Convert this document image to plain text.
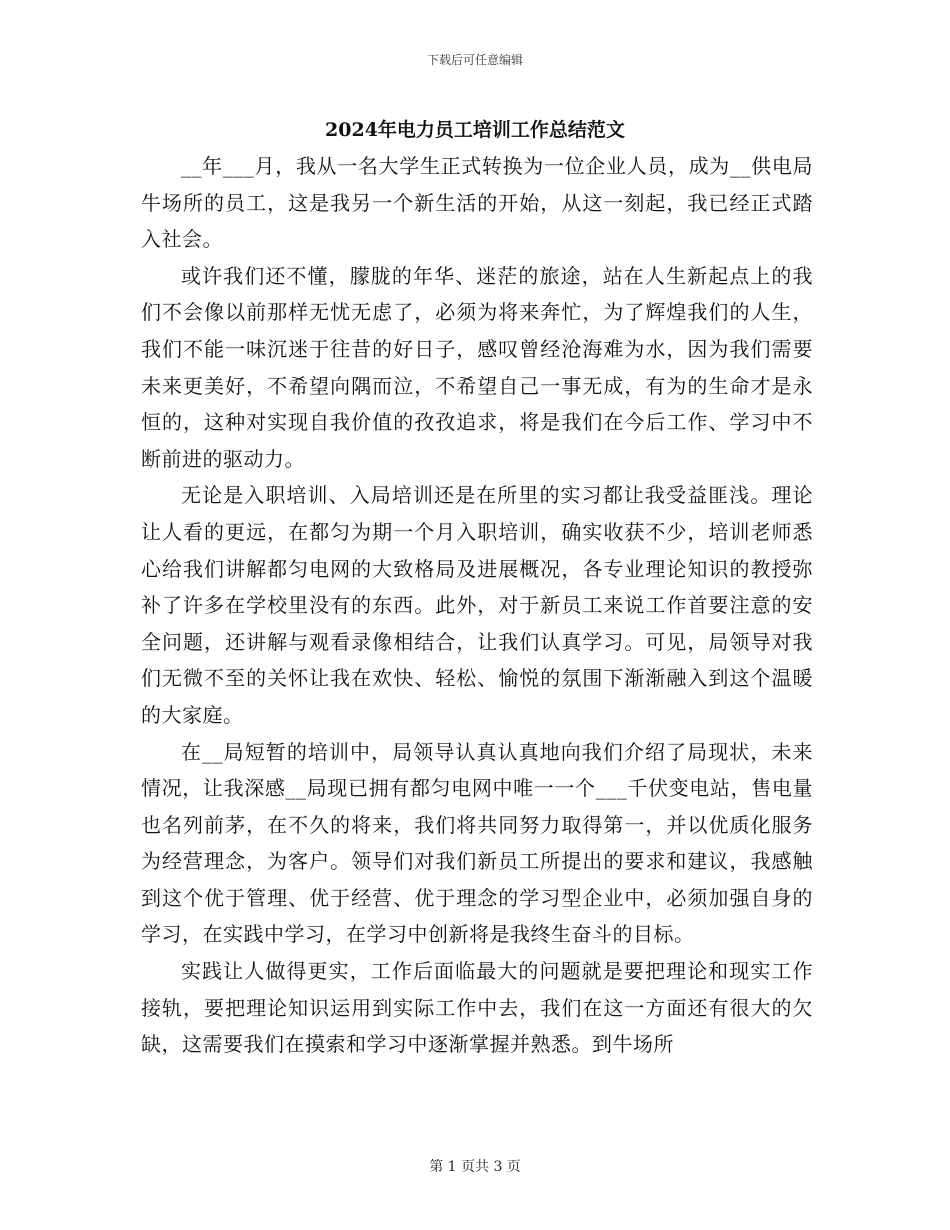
下载后可任意编辑
2024年电力员工培训工作总结范文

__年___月，我从一名大学生正式转换为一位企业人员，成为__供电局牛场所的员工，这是我另一个新生活的开始，从这一刻起，我已经正式踏入社会。

或许我们还不懂，朦胧的年华、迷茫的旅途，站在人生新起点上的我们不会像以前那样无忧无虑了，必须为将来奔忙，为了辉煌我们的人生，我们不能一味沉迷于往昔的好日子，感叹曾经沧海难为水，因为我们需要未来更美好，不希望向隅而泣，不希望自己一事无成，有为的生命才是永恒的，这种对实现自我价值的孜孜追求，将是我们在今后工作、学习中不断前进的驱动力。

无论是入职培训、入局培训还是在所里的实习都让我受益匪浅。理论让人看的更远，在都匀为期一个月入职培训，确实收获不少，培训老师悉心给我们讲解都匀电网的大致格局及进展概况，各专业理论知识的教授弥补了许多在学校里没有的东西。此外，对于新员工来说工作首要注意的安全问题，还讲解与观看录像相结合，让我们认真学习。可见，局领导对我们无微不至的关怀让我在欢快、轻松、愉悦的氛围下渐渐融入到这个温暖的大家庭。

在__局短暂的培训中，局领导认真认真地向我们介绍了局现状，未来情况，让我深感__局现已拥有都匀电网中唯一一个___千伏变电站，售电量也名列前茅，在不久的将来，我们将共同努力取得第一，并以优质化服务为经营理念，为客户。领导们对我们新员工所提出的要求和建议，我感触到这个优于管理、优于经营、优于理念的学习型企业中，必须加强自身的学习，在实践中学习，在学习中创新将是我终生奋斗的目标。

实践让人做得更实，工作后面临最大的问题就是要把理论和现实工作接轨，要把理论知识运用到实际工作中去，我们在这一方面还有很大的欠缺，这需要我们在摸索和学习中逐渐掌握并熟悉。到牛场所

第 1 页共 3 页
